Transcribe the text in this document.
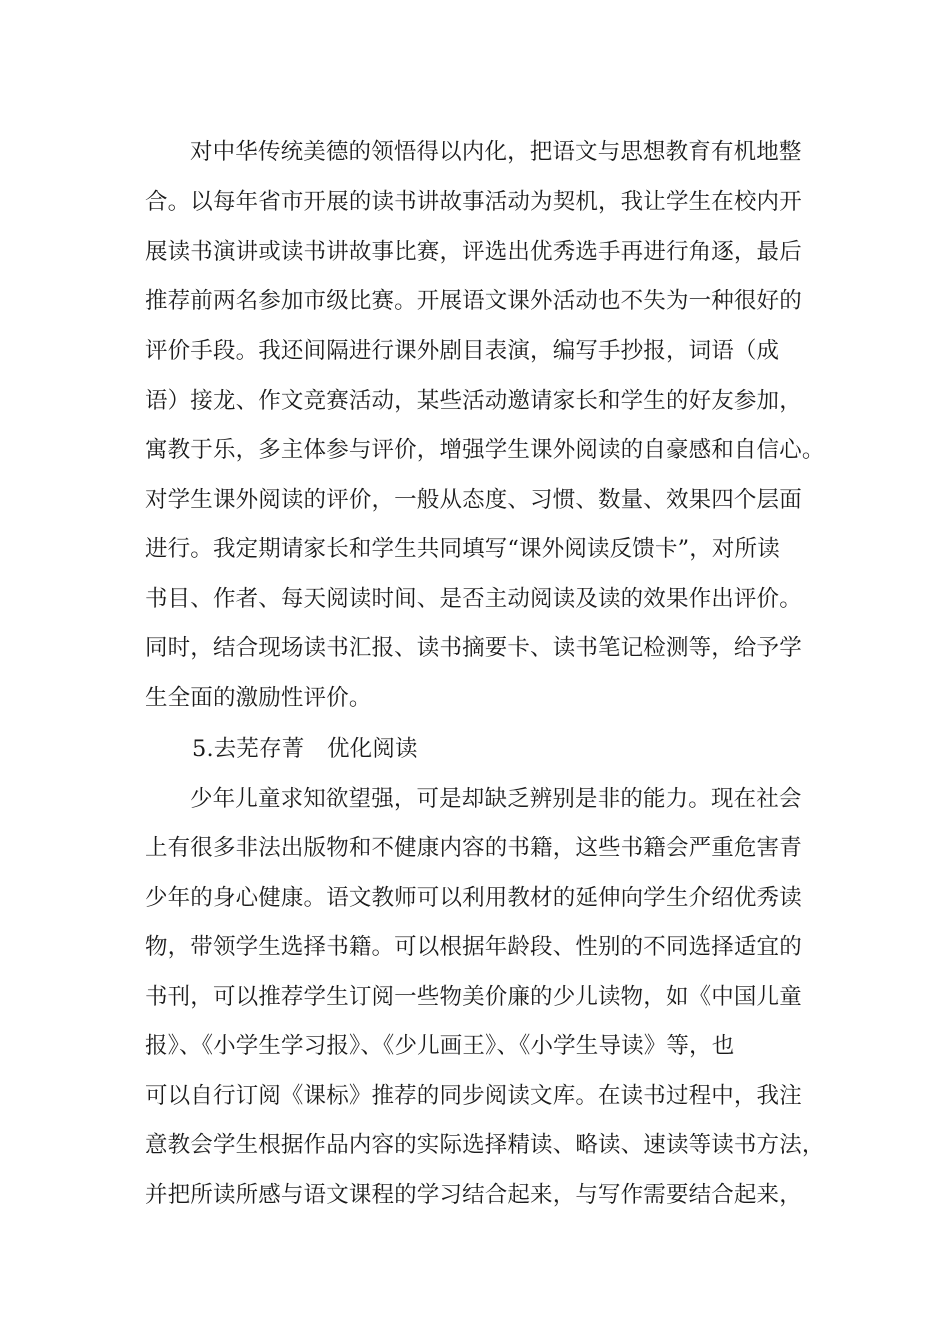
对中华传统美德的领悟得以内化，把语文与思想教育有机地整
合。以每年省市开展的读书讲故事活动为契机，我让学生在校内开
展读书演讲或读书讲故事比赛，评选出优秀选手再进行角逐，最后
推荐前两名参加市级比赛。开展语文课外活动也不失为一种很好的
评价手段。我还间隔进行课外剧目表演，编写手抄报，词语（成
语）接龙、作文竞赛活动，某些活动邀请家长和学生的好友参加，
寓教于乐，多主体参与评价，增强学生课外阅读的自豪感和自信心。
对学生课外阅读的评价，一般从态度、习惯、数量、效果四个层面
进行。我定期请家长和学生共同填写“课外阅读反馈卡”，对所读
书目、作者、每天阅读时间、是否主动阅读及读的效果作出评价。
同时，结合现场读书汇报、读书摘要卡、读书笔记检测等，给予学
生全面的激励性评价。
5.去芜存菁　优化阅读
少年儿童求知欲望强，可是却缺乏辨别是非的能力。现在社会
上有很多非法出版物和不健康内容的书籍，这些书籍会严重危害青
少年的身心健康。语文教师可以利用教材的延伸向学生介绍优秀读
物，带领学生选择书籍。可以根据年龄段、性别的不同选择适宜的
书刊，可以推荐学生订阅一些物美价廉的少儿读物，如《中国儿童
报》、《小学生学习报》、《少儿画王》、《小学生导读》等，也
可以自行订阅《课标》推荐的同步阅读文库。在读书过程中，我注
意教会学生根据作品内容的实际选择精读、略读、速读等读书方法，
并把所读所感与语文课程的学习结合起来，与写作需要结合起来，
